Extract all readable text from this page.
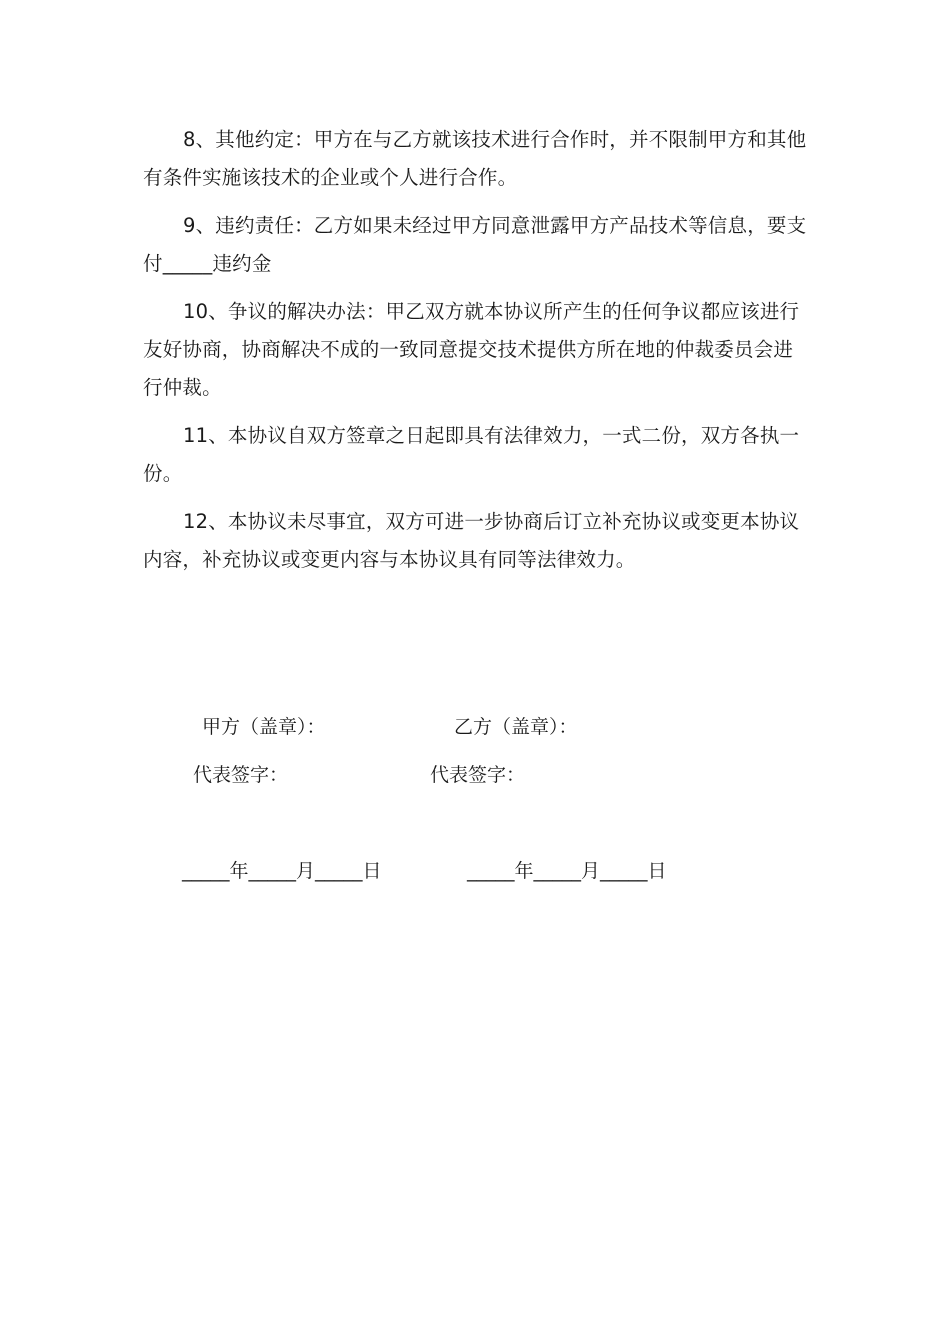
8、其他约定：甲方在与乙方就该技术进行合作时，并不限制甲方和其他有条件实施该技术的企业或个人进行合作。

9、违约责任：乙方如果未经过甲方同意泄露甲方产品技术等信息，要支付_____违约金

10、争议的解决办法：甲乙双方就本协议所产生的任何争议都应该进行友好协商，协商解决不成的一致同意提交技术提供方所在地的仲裁委员会进行仲裁。

11、本协议自双方签章之日起即具有法律效力，一式二份，双方各执一份。

12、本协议未尽事宜，双方可进一步协商后订立补充协议或变更本协议内容，补充协议或变更内容与本协议具有同等法律效力。

甲方（盖章）：	乙方（盖章）：
代表签字：	代表签字：
_____年_____月_____日	_____年_____月_____日
